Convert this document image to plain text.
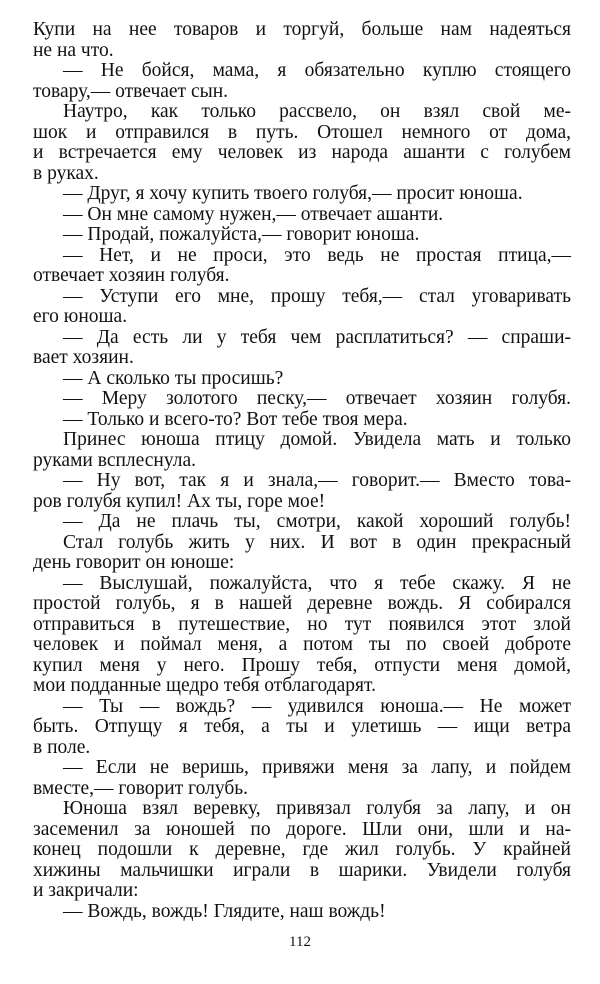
Купи на нее товаров и торгуй, больше нам надеяться
не на что.
— Не бойся, мама, я обязательно куплю стоящего
товару,— отвечает сын.
Наутро, как только рассвело, он взял свой ме-
шок и отправился в путь. Отошел немного от дома,
и встречается ему человек из народа ашанти с голубем
в руках.
— Друг, я хочу купить твоего голубя,— просит юноша.
— Он мне самому нужен,— отвечает ашанти.
— Продай, пожалуйста,— говорит юноша.
— Нет, и не проси, это ведь не простая птица,—
отвечает хозяин голубя.
— Уступи его мне, прошу тебя,— стал уговаривать
его юноша.
— Да есть ли у тебя чем расплатиться? — спраши-
вает хозяин.
— А сколько ты просишь?
— Меру золотого песку,— отвечает хозяин голубя.
— Только и всего-то? Вот тебе твоя мера.
Принес юноша птицу домой. Увидела мать и только
руками всплеснула.
— Ну вот, так я и знала,— говорит.— Вместо това-
ров голубя купил! Ах ты, горе мое!
— Да не плачь ты, смотри, какой хороший голубь!
Стал голубь жить у них. И вот в один прекрасный
день говорит он юноше:
— Выслушай, пожалуйста, что я тебе скажу. Я не
простой голубь, я в нашей деревне вождь. Я собирался
отправиться в путешествие, но тут появился этот злой
человек и поймал меня, а потом ты по своей доброте
купил меня у него. Прошу тебя, отпусти меня домой,
мои подданные щедро тебя отблагодарят.
— Ты — вождь? — удивился юноша.— Не может
быть. Отпущу я тебя, а ты и улетишь — ищи ветра
в поле.
— Если не веришь, привяжи меня за лапу, и пойдем
вместе,— говорит голубь.
Юноша взял веревку, привязал голубя за лапу, и он
засеменил за юношей по дороге. Шли они, шли и на-
конец подошли к деревне, где жил голубь. У крайней
хижины мальчишки играли в шарики. Увидели голубя
и закричали:
— Вождь, вождь! Глядите, наш вождь!
112
